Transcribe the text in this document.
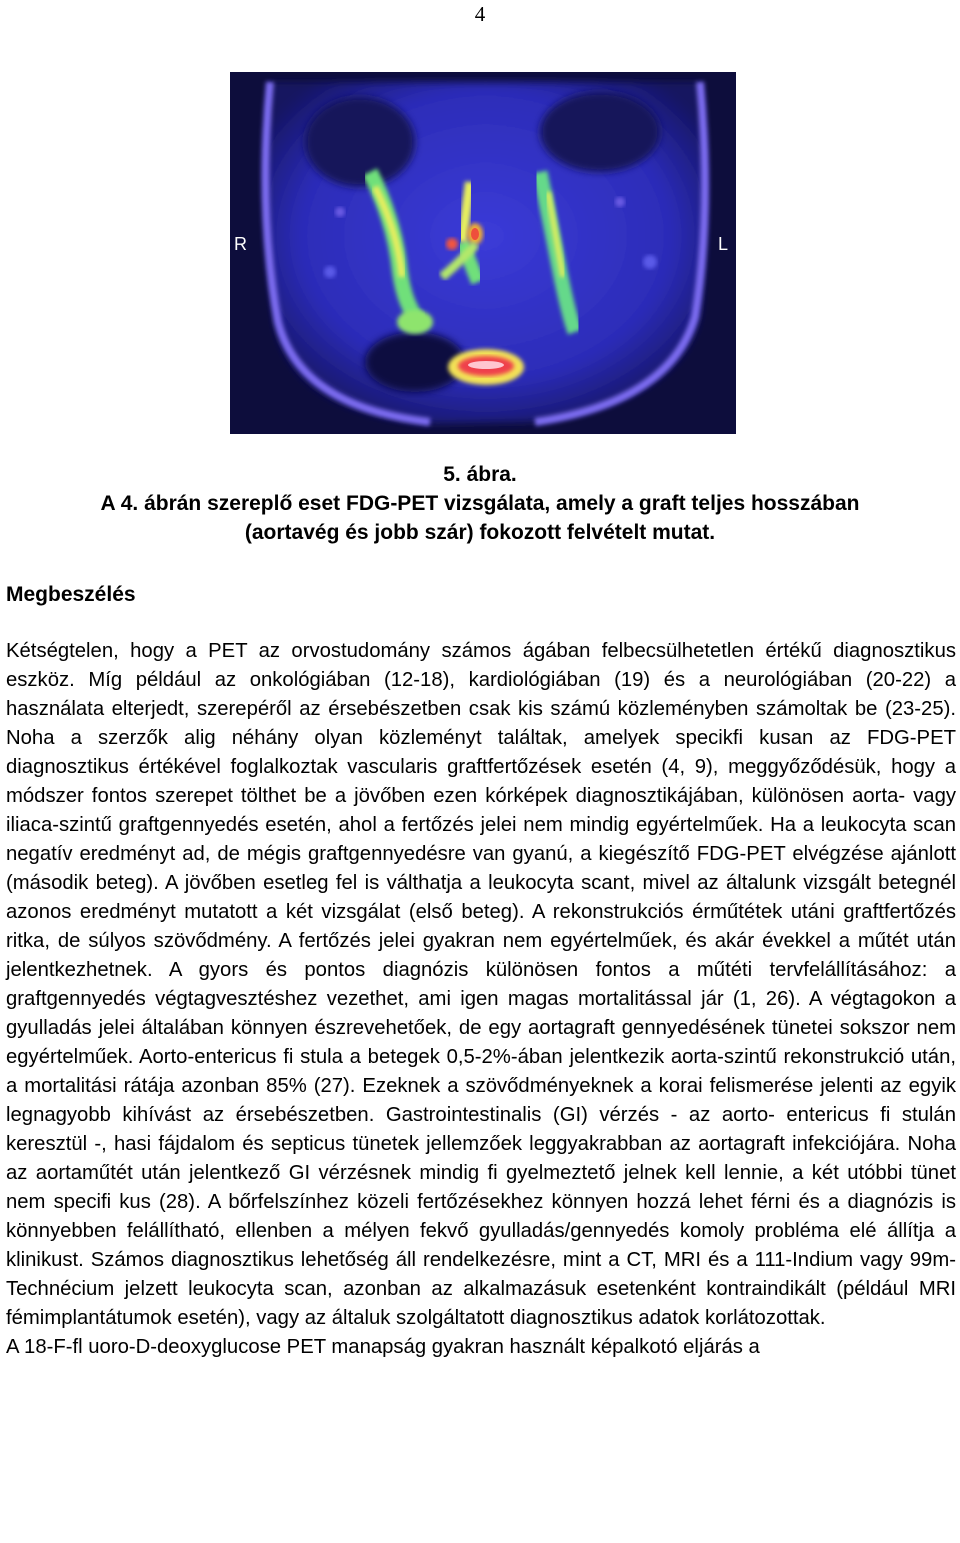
4
R	L
5. ábra.
A 4. ábrán szereplő eset FDG-PET vizsgálata, amely a graft teljes hosszában
(aortavég és jobb szár) fokozott felvételt mutat.
Megbeszélés

Kétségtelen, hogy a PET az orvostudomány számos ágában felbecsülhetetlen értékű diagnosztikus eszköz. Míg például az onkológiában (12-18), kardiológiában (19) és a neurológiában (20-22) a használata elterjedt, szerepéről az érsebészetben csak kis számú közleményben számoltak be (23-25). Noha a szerzők alig néhány olyan közleményt találtak, amelyek specikfi kusan az FDG-PET diagnosztikus értékével foglalkoztak vascularis graftfertőzések esetén (4, 9), meggyőződésük, hogy a módszer fontos szerepet tölthet be a jövőben ezen kórképek diagnosztikájában, különösen aorta- vagy iliaca-szintű graftgennyedés esetén, ahol a fertőzés jelei nem mindig egyértelműek. Ha a leukocyta scan negatív eredményt ad, de mégis graftgennyedésre van gyanú, a kiegészítő FDG-PET elvégzése ajánlott (második beteg). A jövőben esetleg fel is válthatja a leukocyta scant, mivel az általunk vizsgált betegnél azonos eredményt mutatott a két vizsgálat (első beteg). A rekonstrukciós érműtétek utáni graftfertőzés ritka, de súlyos szövődmény. A fertőzés jelei gyakran nem egyértelműek, és akár évekkel a műtét után jelentkezhetnek. A gyors és pontos diagnózis különösen fontos a műtéti tervfelállításához: a graftgennyedés végtagvesztéshez vezethet, ami igen magas mortalitással jár (1, 26). A végtagokon a gyulladás jelei általában könnyen észrevehetőek, de egy aortagraft gennyedésének tünetei sokszor nem egyértelműek. Aorto-entericus fi stula a betegek 0,5-2%-ában jelentkezik aorta-szintű rekonstrukció után, a mortalitási rátája azonban 85% (27). Ezeknek a szövődményeknek a korai felismerése jelenti az egyik legnagyobb kihívást az érsebészetben. Gastrointestinalis (GI) vérzés - az aorto- entericus fi stulán keresztül -, hasi fájdalom és septicus tünetek jellemzőek leggyakrabban az aortagraft infekciójára. Noha az aortaműtét után jelentkező GI vérzésnek mindig fi gyelmeztető jelnek kell lennie, a két utóbbi tünet nem specifi kus (28). A bőrfelszínhez közeli fertőzésekhez könnyen hozzá lehet férni és a diagnózis is könnyebben felállítható, ellenben a mélyen fekvő gyulladás/gennyedés komoly probléma elé állítja a klinikust. Számos diagnosztikus lehetőség áll rendelkezésre, mint a CT, MRI és a 111-Indium vagy 99m-Technécium jelzett leukocyta scan, azonban az alkalmazásuk esetenként kontraindikált (például MRI fémimplantátumok esetén), vagy az általuk szolgáltatott diagnosztikus adatok korlátozottak.
A 18-F-fl uoro-D-deoxyglucose PET manapság gyakran használt képalkotó eljárás a
